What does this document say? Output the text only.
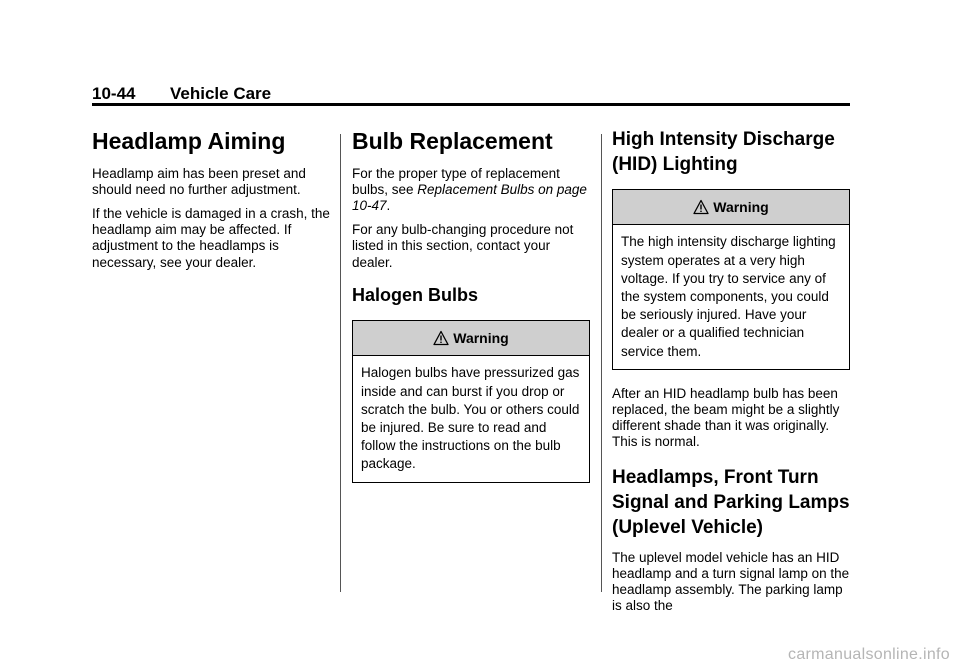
10-44 Vehicle Care
Headlamp Aiming

Headlamp aim has been preset and should need no further adjustment.

If the vehicle is damaged in a crash, the headlamp aim may be affected. If adjustment to the headlamps is necessary, see your dealer.

Bulb Replacement

For the proper type of replacement bulbs, see Replacement Bulbs on page 10-47.

For any bulb-changing procedure not listed in this section, contact your dealer.

Halogen Bulbs
Warning
Halogen bulbs have pressurized gas inside and can burst if you drop or scratch the bulb. You or others could be injured. Be sure to read and follow the instructions on the bulb package.
High Intensity Discharge (HID) Lighting
Warning
The high intensity discharge lighting system operates at a very high voltage. If you try to service any of the system components, you could be seriously injured. Have your dealer or a qualified technician service them.

After an HID headlamp bulb has been replaced, the beam might be a slightly different shade than it was originally. This is normal.

Headlamps, Front Turn Signal and Parking Lamps (Uplevel Vehicle)

The uplevel model vehicle has an HID headlamp and a turn signal lamp on the headlamp assembly. The parking lamp is also the

carmanualsonline.info
